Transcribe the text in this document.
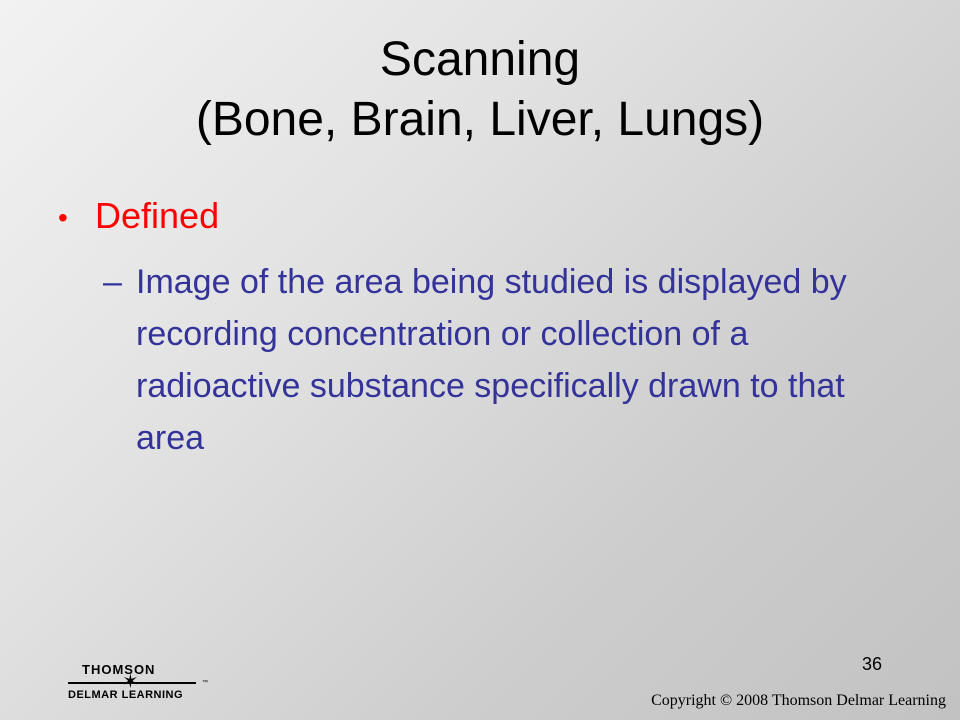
Scanning
(Bone, Brain, Liver, Lungs)
• Defined
– Image of the area being studied is displayed by recording concentration or collection of a radioactive substance specifically drawn to that area
36
THOMSON
✶
DELMAR LEARNING
™
Copyright © 2008 Thomson Delmar Learning
